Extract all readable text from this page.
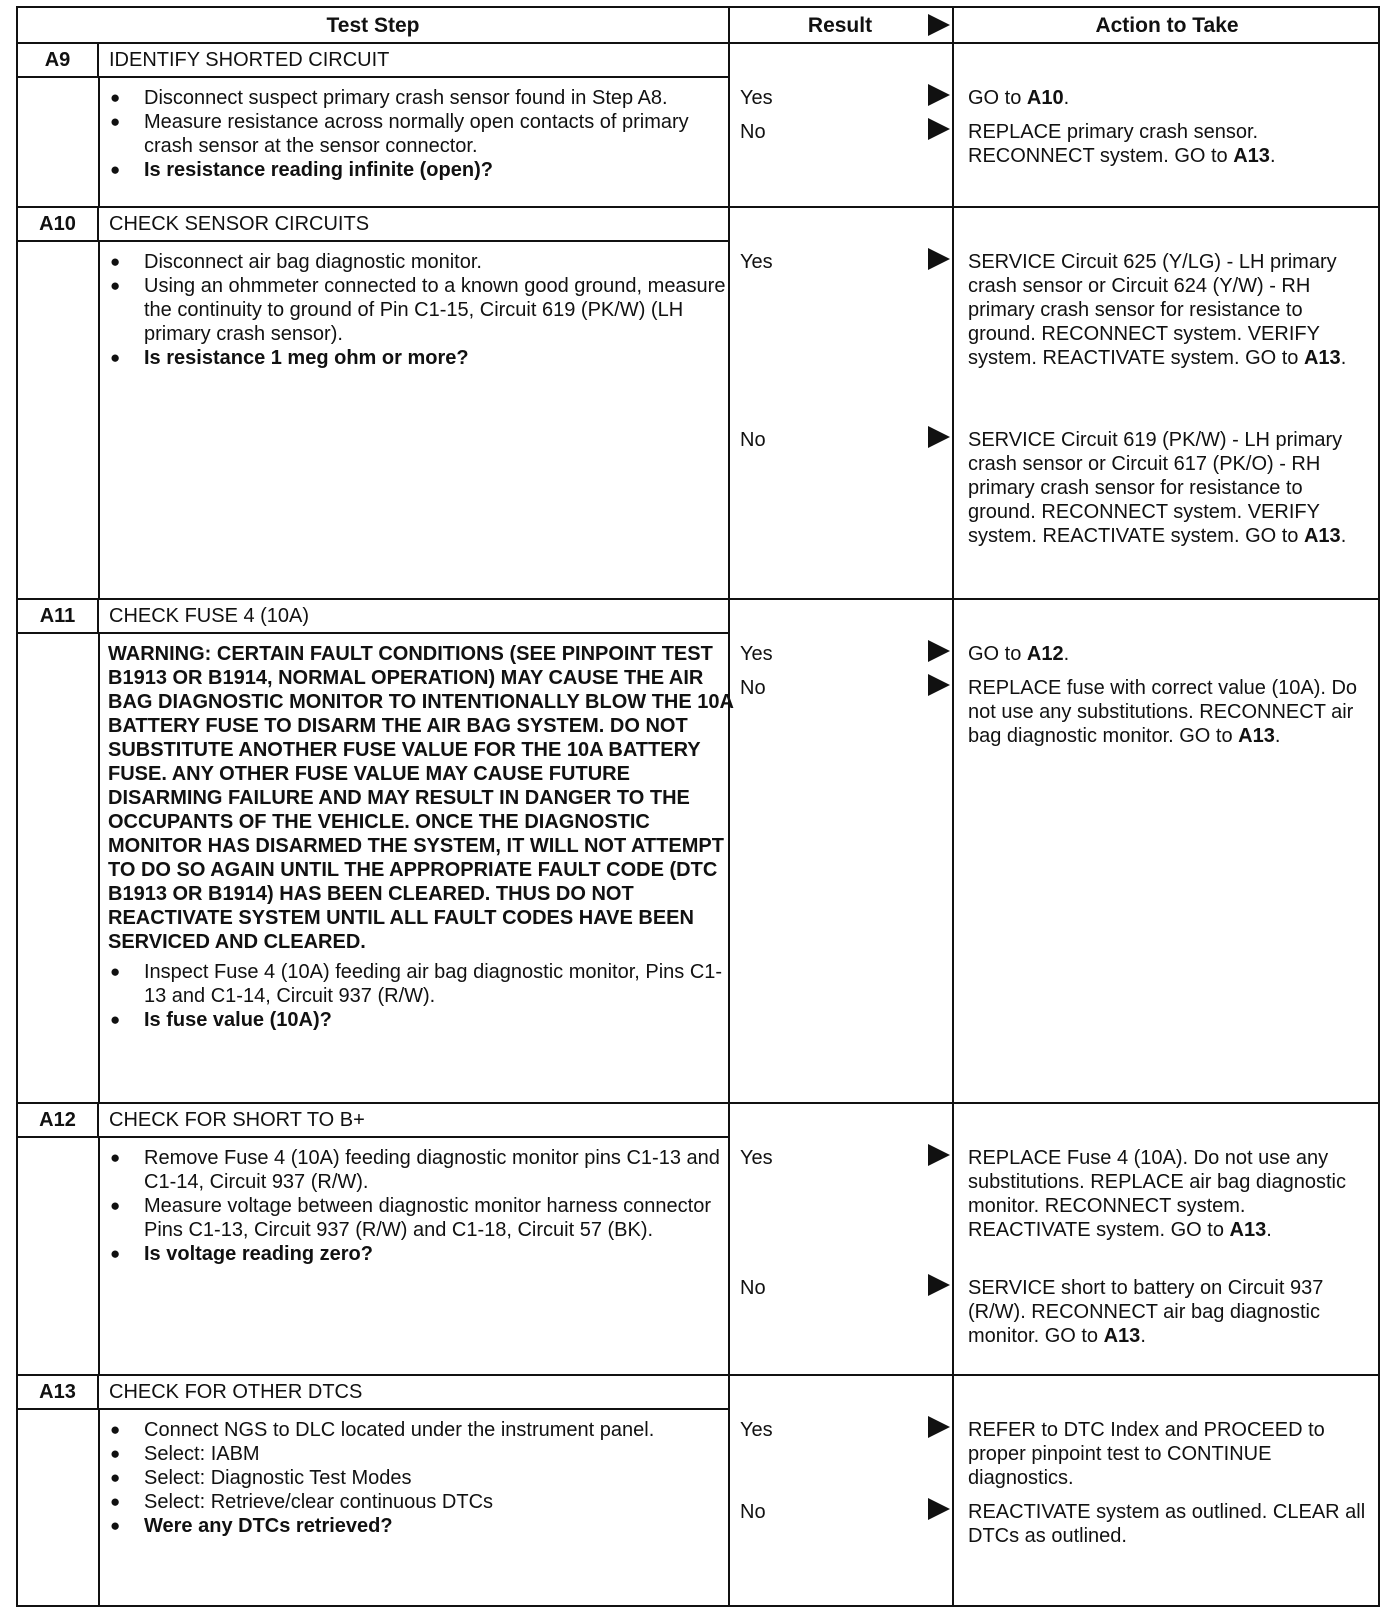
Test Step	Result	Action to Take
A9	IDENTIFY SHORTED CIRCUIT
● Disconnect suspect primary crash sensor found in Step A8.
● Measure resistance across normally open contacts of primary crash sensor at the sensor connector.
● Is resistance reading infinite (open)?
Yes	GO to A10.
No	REPLACE primary crash sensor. RECONNECT system. GO to A13.
A10	CHECK SENSOR CIRCUITS
● Disconnect air bag diagnostic monitor.
● Using an ohmmeter connected to a known good ground, measure the continuity to ground of Pin C1-15, Circuit 619 (PK/W) (LH primary crash sensor).
● Is resistance 1 meg ohm or more?
Yes	SERVICE Circuit 625 (Y/LG) - LH primary crash sensor or Circuit 624 (Y/W) - RH primary crash sensor for resistance to ground. RECONNECT system. VERIFY system. REACTIVATE system. GO to A13.
No	SERVICE Circuit 619 (PK/W) - LH primary crash sensor or Circuit 617 (PK/O) - RH primary crash sensor for resistance to ground. RECONNECT system. VERIFY system. REACTIVATE system. GO to A13.
A11	CHECK FUSE 4 (10A)

WARNING: CERTAIN FAULT CONDITIONS (SEE PINPOINT TEST B1913 OR B1914, NORMAL OPERATION) MAY CAUSE THE AIR BAG DIAGNOSTIC MONITOR TO INTENTIONALLY BLOW THE 10A BATTERY FUSE TO DISARM THE AIR BAG SYSTEM. DO NOT SUBSTITUTE ANOTHER FUSE VALUE FOR THE 10A BATTERY FUSE. ANY OTHER FUSE VALUE MAY CAUSE FUTURE DISARMING FAILURE AND MAY RESULT IN DANGER TO THE OCCUPANTS OF THE VEHICLE. ONCE THE DIAGNOSTIC MONITOR HAS DISARMED THE SYSTEM, IT WILL NOT ATTEMPT TO DO SO AGAIN UNTIL THE APPROPRIATE FAULT CODE (DTC B1913 OR B1914) HAS BEEN CLEARED. THUS DO NOT REACTIVATE SYSTEM UNTIL ALL FAULT CODES HAVE BEEN SERVICED AND CLEARED.

● Inspect Fuse 4 (10A) feeding air bag diagnostic monitor, Pins C1-13 and C1-14, Circuit 937 (R/W).
● Is fuse value (10A)?
Yes	GO to A12.
No	REPLACE fuse with correct value (10A). Do not use any substitutions. RECONNECT air bag diagnostic monitor. GO to A13.
A12	CHECK FOR SHORT TO B+
● Remove Fuse 4 (10A) feeding diagnostic monitor pins C1-13 and C1-14, Circuit 937 (R/W).
● Measure voltage between diagnostic monitor harness connector Pins C1-13, Circuit 937 (R/W) and C1-18, Circuit 57 (BK).
● Is voltage reading zero?
Yes	REPLACE Fuse 4 (10A). Do not use any substitutions. REPLACE air bag diagnostic monitor. RECONNECT system. REACTIVATE system. GO to A13.
No	SERVICE short to battery on Circuit 937 (R/W). RECONNECT air bag diagnostic monitor. GO to A13.
A13	CHECK FOR OTHER DTCS
● Connect NGS to DLC located under the instrument panel.
● Select: IABM
● Select: Diagnostic Test Modes
● Select: Retrieve/clear continuous DTCs
● Were any DTCs retrieved?
Yes	REFER to DTC Index and PROCEED to proper pinpoint test to CONTINUE diagnostics.
No	REACTIVATE system as outlined. CLEAR all DTCs as outlined.
